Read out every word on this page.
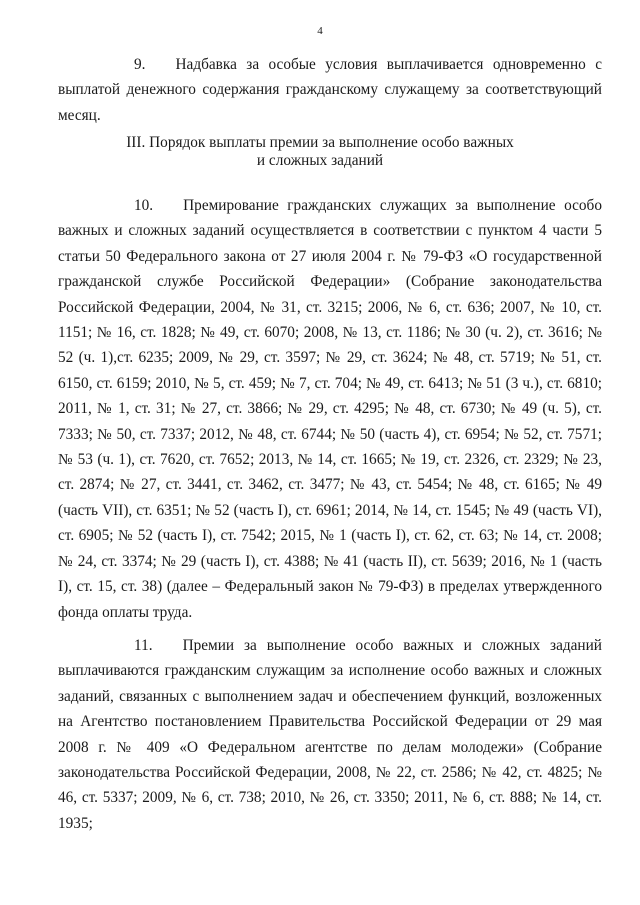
4

9. Надбавка за особые условия выплачивается одновременно с выплатой денежного содержания гражданскому служащему за соответствующий месяц.

III. Порядок выплаты премии за выполнение особо важных
и сложных заданий

10. Премирование гражданских служащих за выполнение особо важных и сложных заданий осуществляется в соответствии с пунктом 4 части 5 статьи 50 Федерального закона от 27 июля 2004 г. № 79-ФЗ «О государственной гражданской службе Российской Федерации» (Собрание законодательства Российской Федерации, 2004, № 31, ст. 3215; 2006, № 6, ст. 636; 2007, № 10, ст. 1151; № 16, ст. 1828; № 49, ст. 6070; 2008, № 13, ст. 1186; № 30 (ч. 2), ст. 3616; № 52 (ч. 1),ст. 6235; 2009, № 29, ст. 3597; № 29, ст. 3624; № 48, ст. 5719; № 51, ст. 6150, ст. 6159; 2010, № 5, ст. 459; № 7, ст. 704; № 49, ст. 6413; № 51 (3 ч.), ст. 6810; 2011, № 1, ст. 31; № 27, ст. 3866; № 29, ст. 4295; № 48, ст. 6730; № 49 (ч. 5), ст. 7333; № 50, ст. 7337; 2012, № 48, ст. 6744; № 50 (часть 4), ст. 6954; № 52, ст. 7571; № 53 (ч. 1), ст. 7620, ст. 7652; 2013, № 14, ст. 1665; № 19, ст. 2326, ст. 2329; № 23, ст. 2874; № 27, ст. 3441, ст. 3462, ст. 3477; № 43, ст. 5454; № 48, ст. 6165; № 49 (часть VII), ст. 6351; № 52 (часть I), ст. 6961; 2014, № 14, ст. 1545; № 49 (часть VI), ст. 6905; № 52 (часть I), ст. 7542; 2015, № 1 (часть I), ст. 62, ст. 63; № 14, ст. 2008; № 24, ст. 3374; № 29 (часть I), ст. 4388; № 41 (часть II), ст. 5639; 2016, № 1 (часть I), ст. 15, ст. 38) (далее – Федеральный закон № 79-ФЗ) в пределах утвержденного фонда оплаты труда.

11. Премии за выполнение особо важных и сложных заданий выплачиваются гражданским служащим за исполнение особо важных и сложных заданий, связанных с выполнением задач и обеспечением функций, возложенных на Агентство постановлением Правительства Российской Федерации от 29 мая 2008 г. № 409 «О Федеральном агентстве по делам молодежи» (Собрание законодательства Российской Федерации, 2008, № 22, ст. 2586; № 42, ст. 4825; № 46, ст. 5337; 2009, № 6, ст. 738; 2010, № 26, ст. 3350; 2011, № 6, ст. 888; № 14, ст. 1935;
